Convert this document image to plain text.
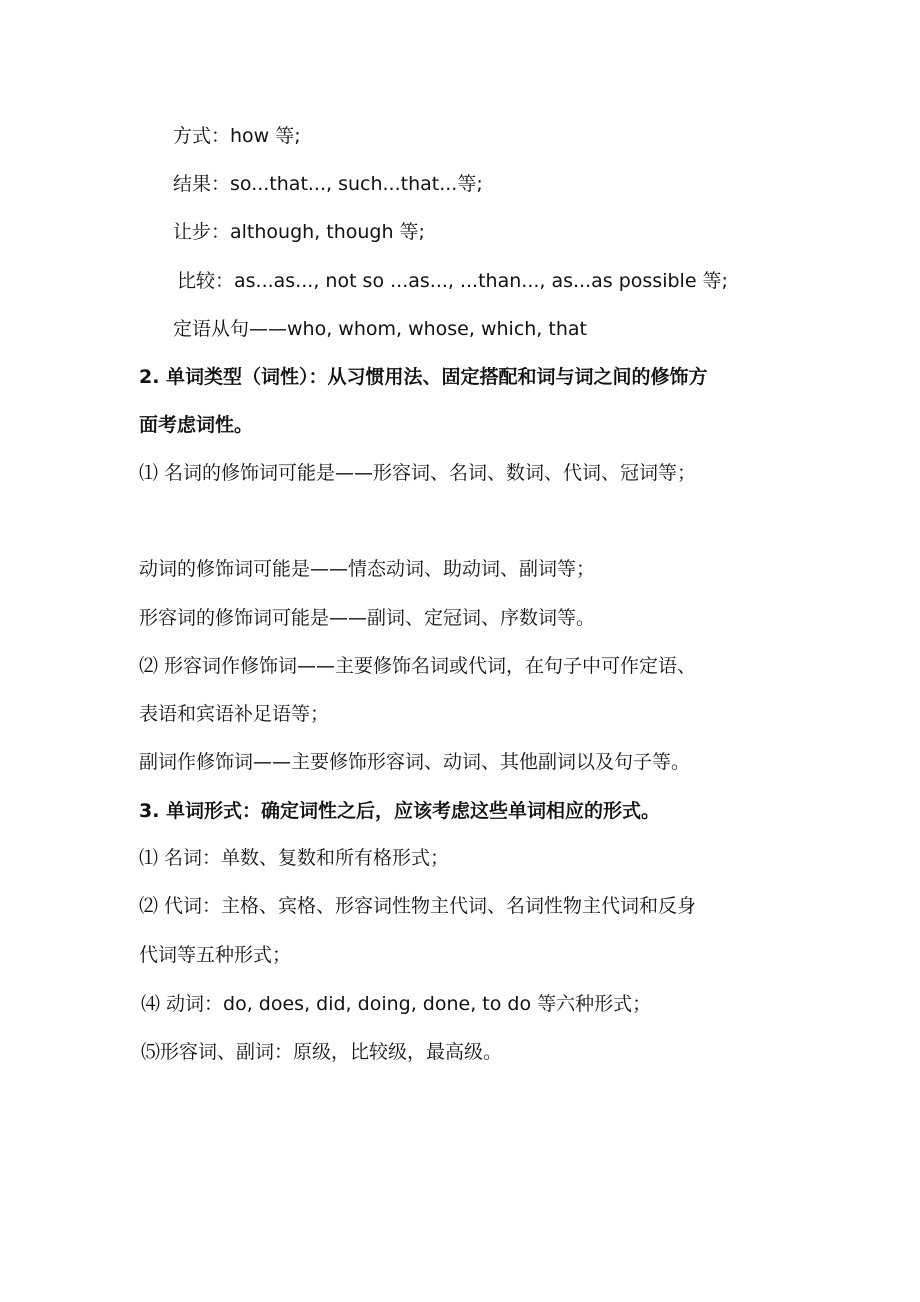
方式：how 等;
结果：so...that..., such...that...等;
让步：although, though 等;
比较：as...as..., not so ...as..., ...than..., as...as possible 等;
定语从句——who, whom, whose, which, that
2. 单词类型（词性）：从习惯用法、固定搭配和词与词之间的修饰方
面考虑词性。
⑴ 名词的修饰词可能是——形容词、名词、数词、代词、冠词等；
动词的修饰词可能是——情态动词、助动词、副词等；
形容词的修饰词可能是——副词、定冠词、序数词等。
⑵ 形容词作修饰词——主要修饰名词或代词，在句子中可作定语、
表语和宾语补足语等；
副词作修饰词——主要修饰形容词、动词、其他副词以及句子等。
3. 单词形式：确定词性之后，应该考虑这些单词相应的形式。
⑴ 名词：单数、复数和所有格形式；
⑵ 代词：主格、宾格、形容词性物主代词、名词性物主代词和反身
代词等五种形式；
⑷ 动词：do, does, did, doing, done, to do 等六种形式；
⑸形容词、副词：原级，比较级，最高级。
